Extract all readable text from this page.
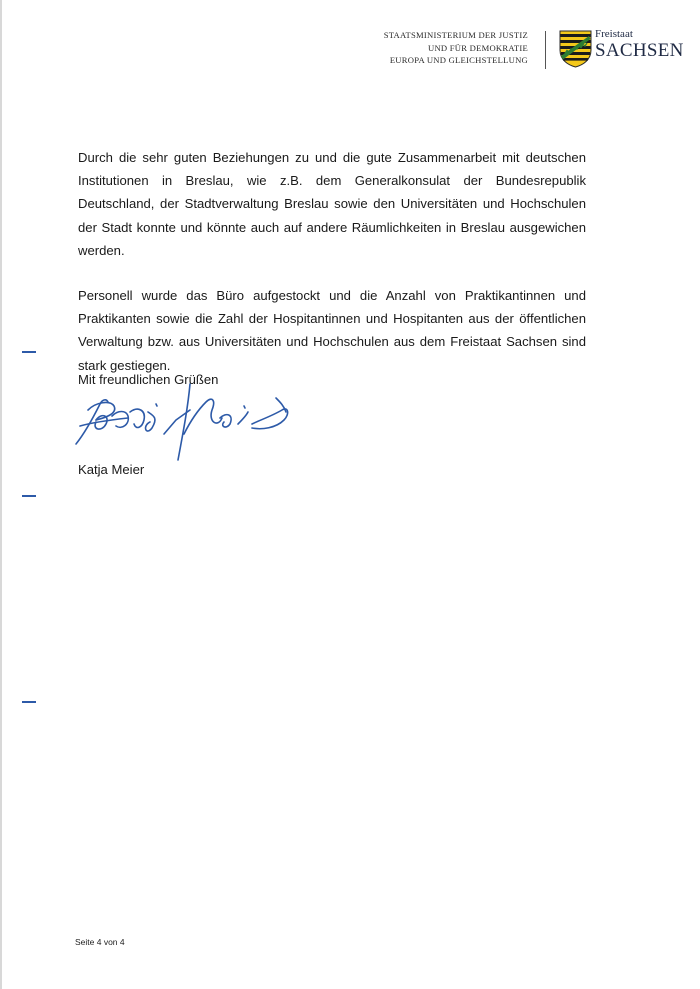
STAATSMINISTERIUM DER JUSTIZ
UND FÜR DEMOKRATIE
EUROPA UND GLEICHSTELLUNG
Freistaat
SACHSEN

Durch die sehr guten Beziehungen zu und die gute Zusammenarbeit mit deutschen Institutionen in Breslau, wie z.B. dem Generalkonsulat der Bundesrepublik Deutschland, der Stadtverwaltung Breslau sowie den Universitäten und Hochschulen der Stadt konnte und könnte auch auf andere Räumlichkeiten in Breslau ausgewichen werden.

Personell wurde das Büro aufgestockt und die Anzahl von Praktikantinnen und Praktikanten sowie die Zahl der Hospitantinnen und Hospitanten aus der öffentlichen Verwaltung bzw. aus Universitäten und Hochschulen aus dem Freistaat Sachsen sind stark gestiegen.

Mit freundlichen Grüßen
Katja Meier
Seite 4 von 4
